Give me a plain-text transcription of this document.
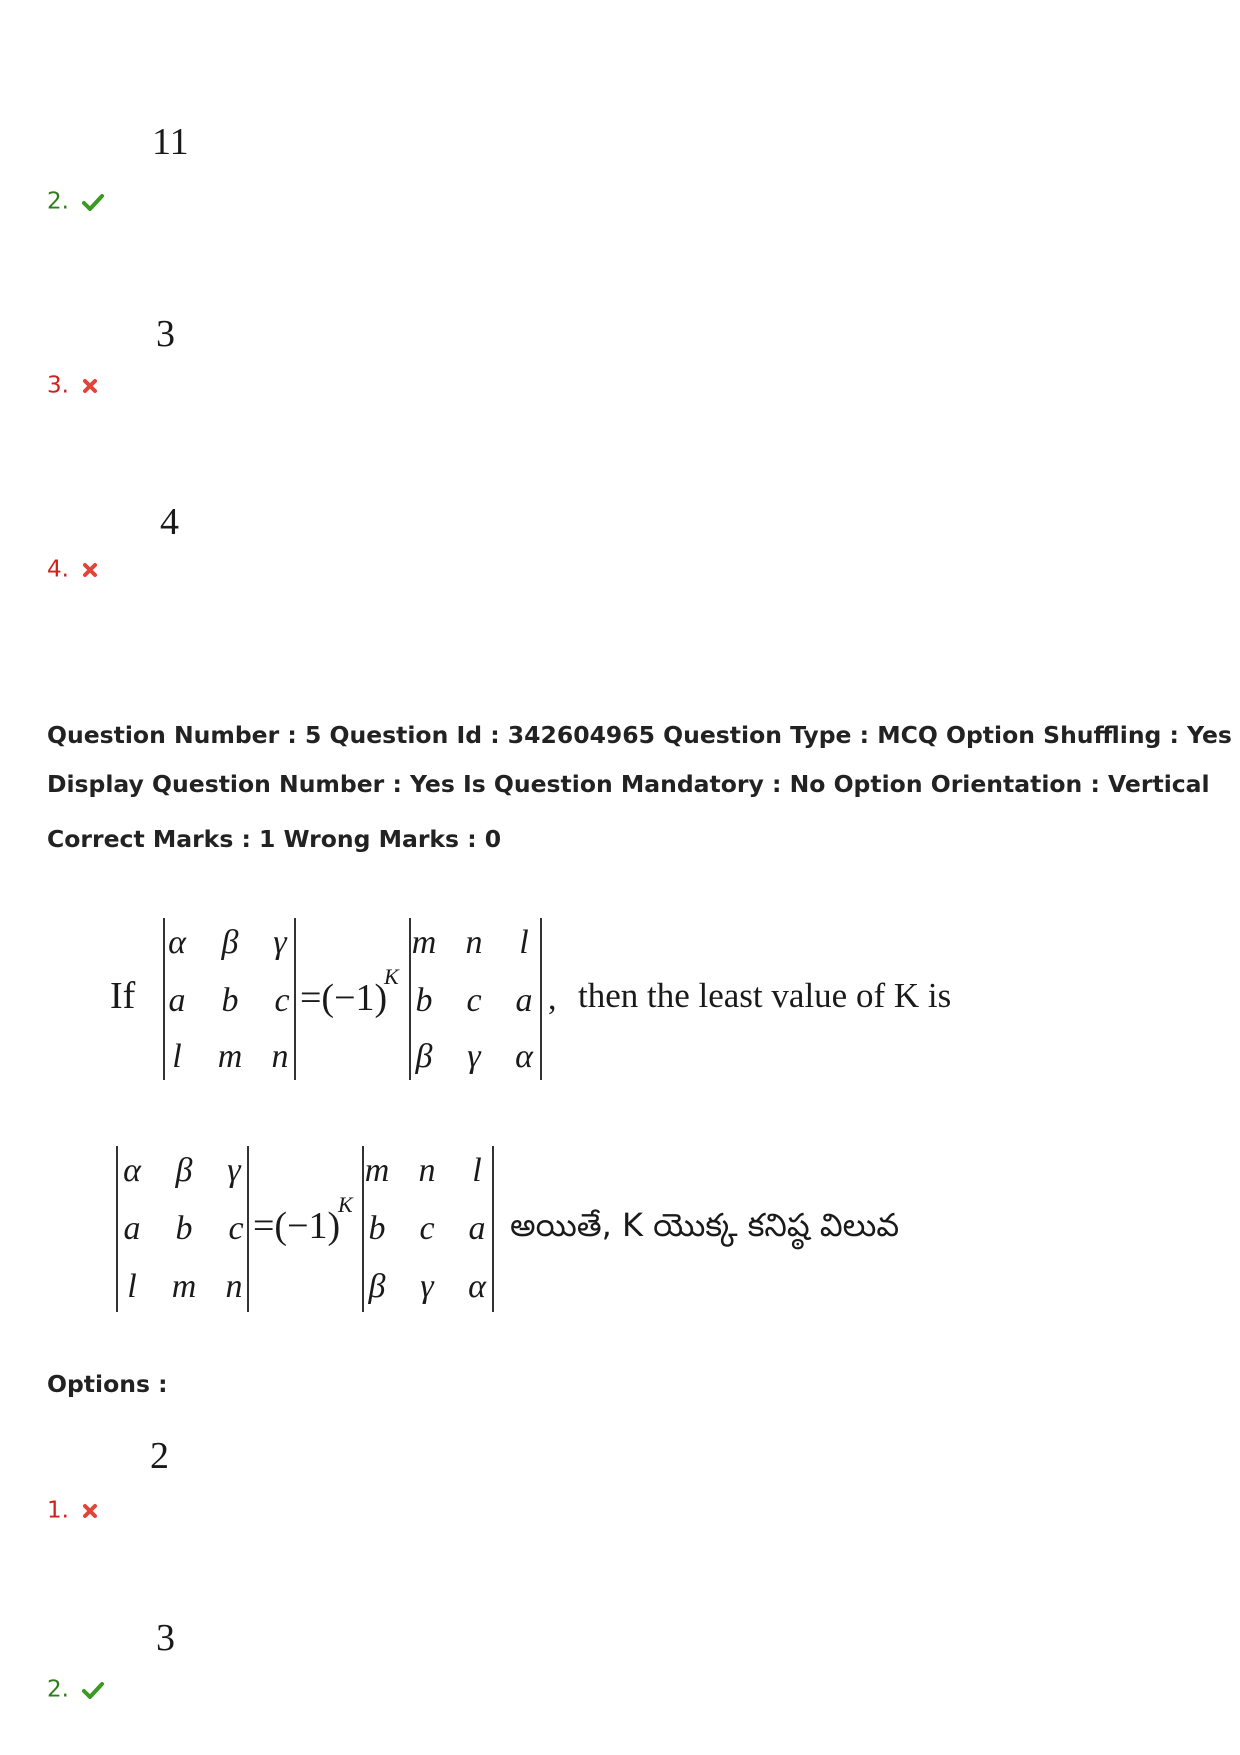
11
2.
3
3.
4
4.
Question Number : 5 Question Id : 342604965 Question Type : MCQ Option Shuffling : Yes
Display Question Number : Yes Is Question Mandatory : No Option Orientation : Vertical
Correct Marks : 1 Wrong Marks : 0
If
α	β	γ
a	b	c
l	m n
=(−1)
K
m n	l
b c a
β	γ	α
, then the least value of K is
α	β	γ
a	b	c
l	m n
=(−1)
K
m n	l
b c a
β	γ	α
అయితే, K యొక్క కనిష్ఠ విలువ
Options :
2
1.
3
2.
